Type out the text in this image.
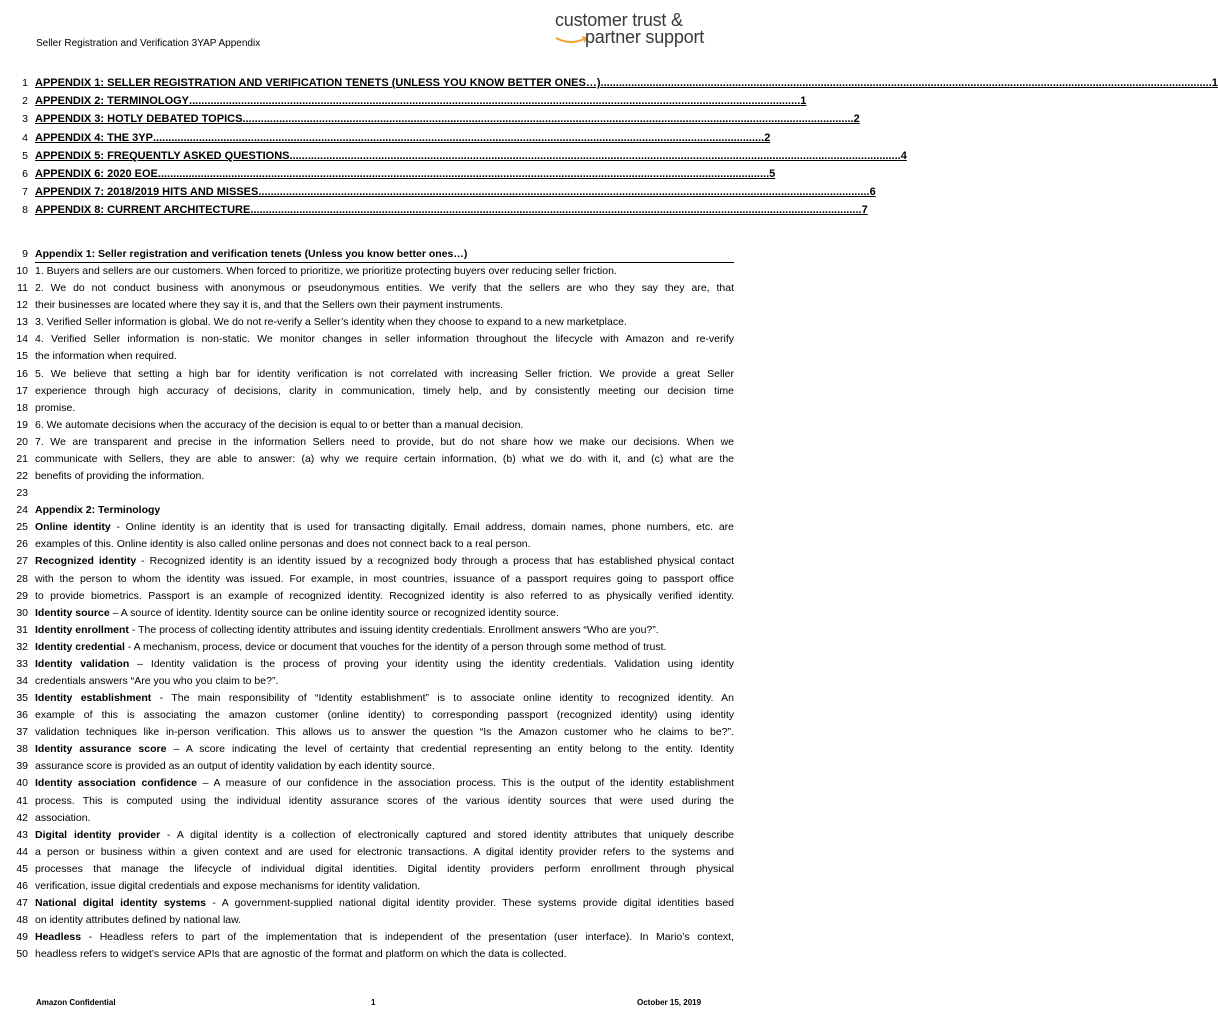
Seller Registration and Verification 3YAP Appendix
customer trust &
partner support
1 APPENDIX 1: SELLER REGISTRATION AND VERIFICATION TENETS (UNLESS YOU KNOW BETTER ONES…) ........................................................................................................................................................................................................ 1
2 APPENDIX 2: TERMINOLOGY ........................................................................................................................................................................................................ 1
3 APPENDIX 3: HOTLY DEBATED TOPICS ........................................................................................................................................................................................................ 2
4 APPENDIX 4: THE 3YP ........................................................................................................................................................................................................ 2
5 APPENDIX 5: FREQUENTLY ASKED QUESTIONS ........................................................................................................................................................................................................ 4
6 APPENDIX 6: 2020 EOE ........................................................................................................................................................................................................ 5
7 APPENDIX 7: 2018/2019 HITS AND MISSES ........................................................................................................................................................................................................ 6
8 APPENDIX 8: CURRENT ARCHITECTURE ........................................................................................................................................................................................................ 7
9 Appendix 1: Seller registration and verification tenets (Unless you know better ones…)
10 1. Buyers and sellers are our customers. When forced to prioritize, we prioritize protecting buyers over reducing seller friction.
11 2. We do not conduct business with anonymous or pseudonymous entities. We verify that the sellers are who they say they are, that
12 their businesses are located where they say it is, and that the Sellers own their payment instruments.
13 3. Verified Seller information is global. We do not re-verify a Seller’s identity when they choose to expand to a new marketplace.
14 4. Verified Seller information is non-static. We monitor changes in seller information throughout the lifecycle with Amazon and re-verify
15 the information when required.
16 5. We believe that setting a high bar for identity verification is not correlated with increasing Seller friction. We provide a great Seller
17 experience through high accuracy of decisions, clarity in communication, timely help, and by consistently meeting our decision time
18 promise.
19 6. We automate decisions when the accuracy of the decision is equal to or better than a manual decision.
20 7. We are transparent and precise in the information Sellers need to provide, but do not share how we make our decisions. When we
21 communicate with Sellers, they are able to answer: (a) why we require certain information, (b) what we do with it, and (c) what are the
22 benefits of providing the information.
23
24 Appendix 2: Terminology
25 Online identity - Online identity is an identity that is used for transacting digitally. Email address, domain names, phone numbers, etc. are
26 examples of this. Online identity is also called online personas and does not connect back to a real person.
27 Recognized identity - Recognized identity is an identity issued by a recognized body through a process that has established physical contact
28 with the person to whom the identity was issued. For example, in most countries, issuance of a passport requires going to passport office
29 to provide biometrics. Passport is an example of recognized identity. Recognized identity is also referred to as physically verified identity.
30 Identity source – A source of identity. Identity source can be online identity source or recognized identity source.
31 Identity enrollment - The process of collecting identity attributes and issuing identity credentials. Enrollment answers “Who are you?”.
32 Identity credential - A mechanism, process, device or document that vouches for the identity of a person through some method of trust.
33 Identity validation – Identity validation is the process of proving your identity using the identity credentials. Validation using identity
34 credentials answers “Are you who you claim to be?”.
35 Identity establishment - The main responsibility of “Identity establishment” is to associate online identity to recognized identity. An
36 example of this is associating the amazon customer (online identity) to corresponding passport (recognized identity) using identity
37 validation techniques like in-person verification. This allows us to answer the question “Is the Amazon customer who he claims to be?”.
38 Identity assurance score – A score indicating the level of certainty that credential representing an entity belong to the entity. Identity
39 assurance score is provided as an output of identity validation by each identity source.
40 Identity association confidence – A measure of our confidence in the association process. This is the output of the identity establishment
41 process. This is computed using the individual identity assurance scores of the various identity sources that were used during the
42 association.
43 Digital identity provider - A digital identity is a collection of electronically captured and stored identity attributes that uniquely describe
44 a person or business within a given context and are used for electronic transactions. A digital identity provider refers to the systems and
45 processes that manage the lifecycle of individual digital identities. Digital identity providers perform enrollment through physical
46 verification, issue digital credentials and expose mechanisms for identity validation.
47 National digital identity systems - A government-supplied national digital identity provider. These systems provide digital identities based
48 on identity attributes defined by national law.
49 Headless - Headless refers to part of the implementation that is independent of the presentation (user interface). In Mario’s context,
50 headless refers to widget’s service APIs that are agnostic of the format and platform on which the data is collected.
Amazon Confidential	1	October 15, 2019
